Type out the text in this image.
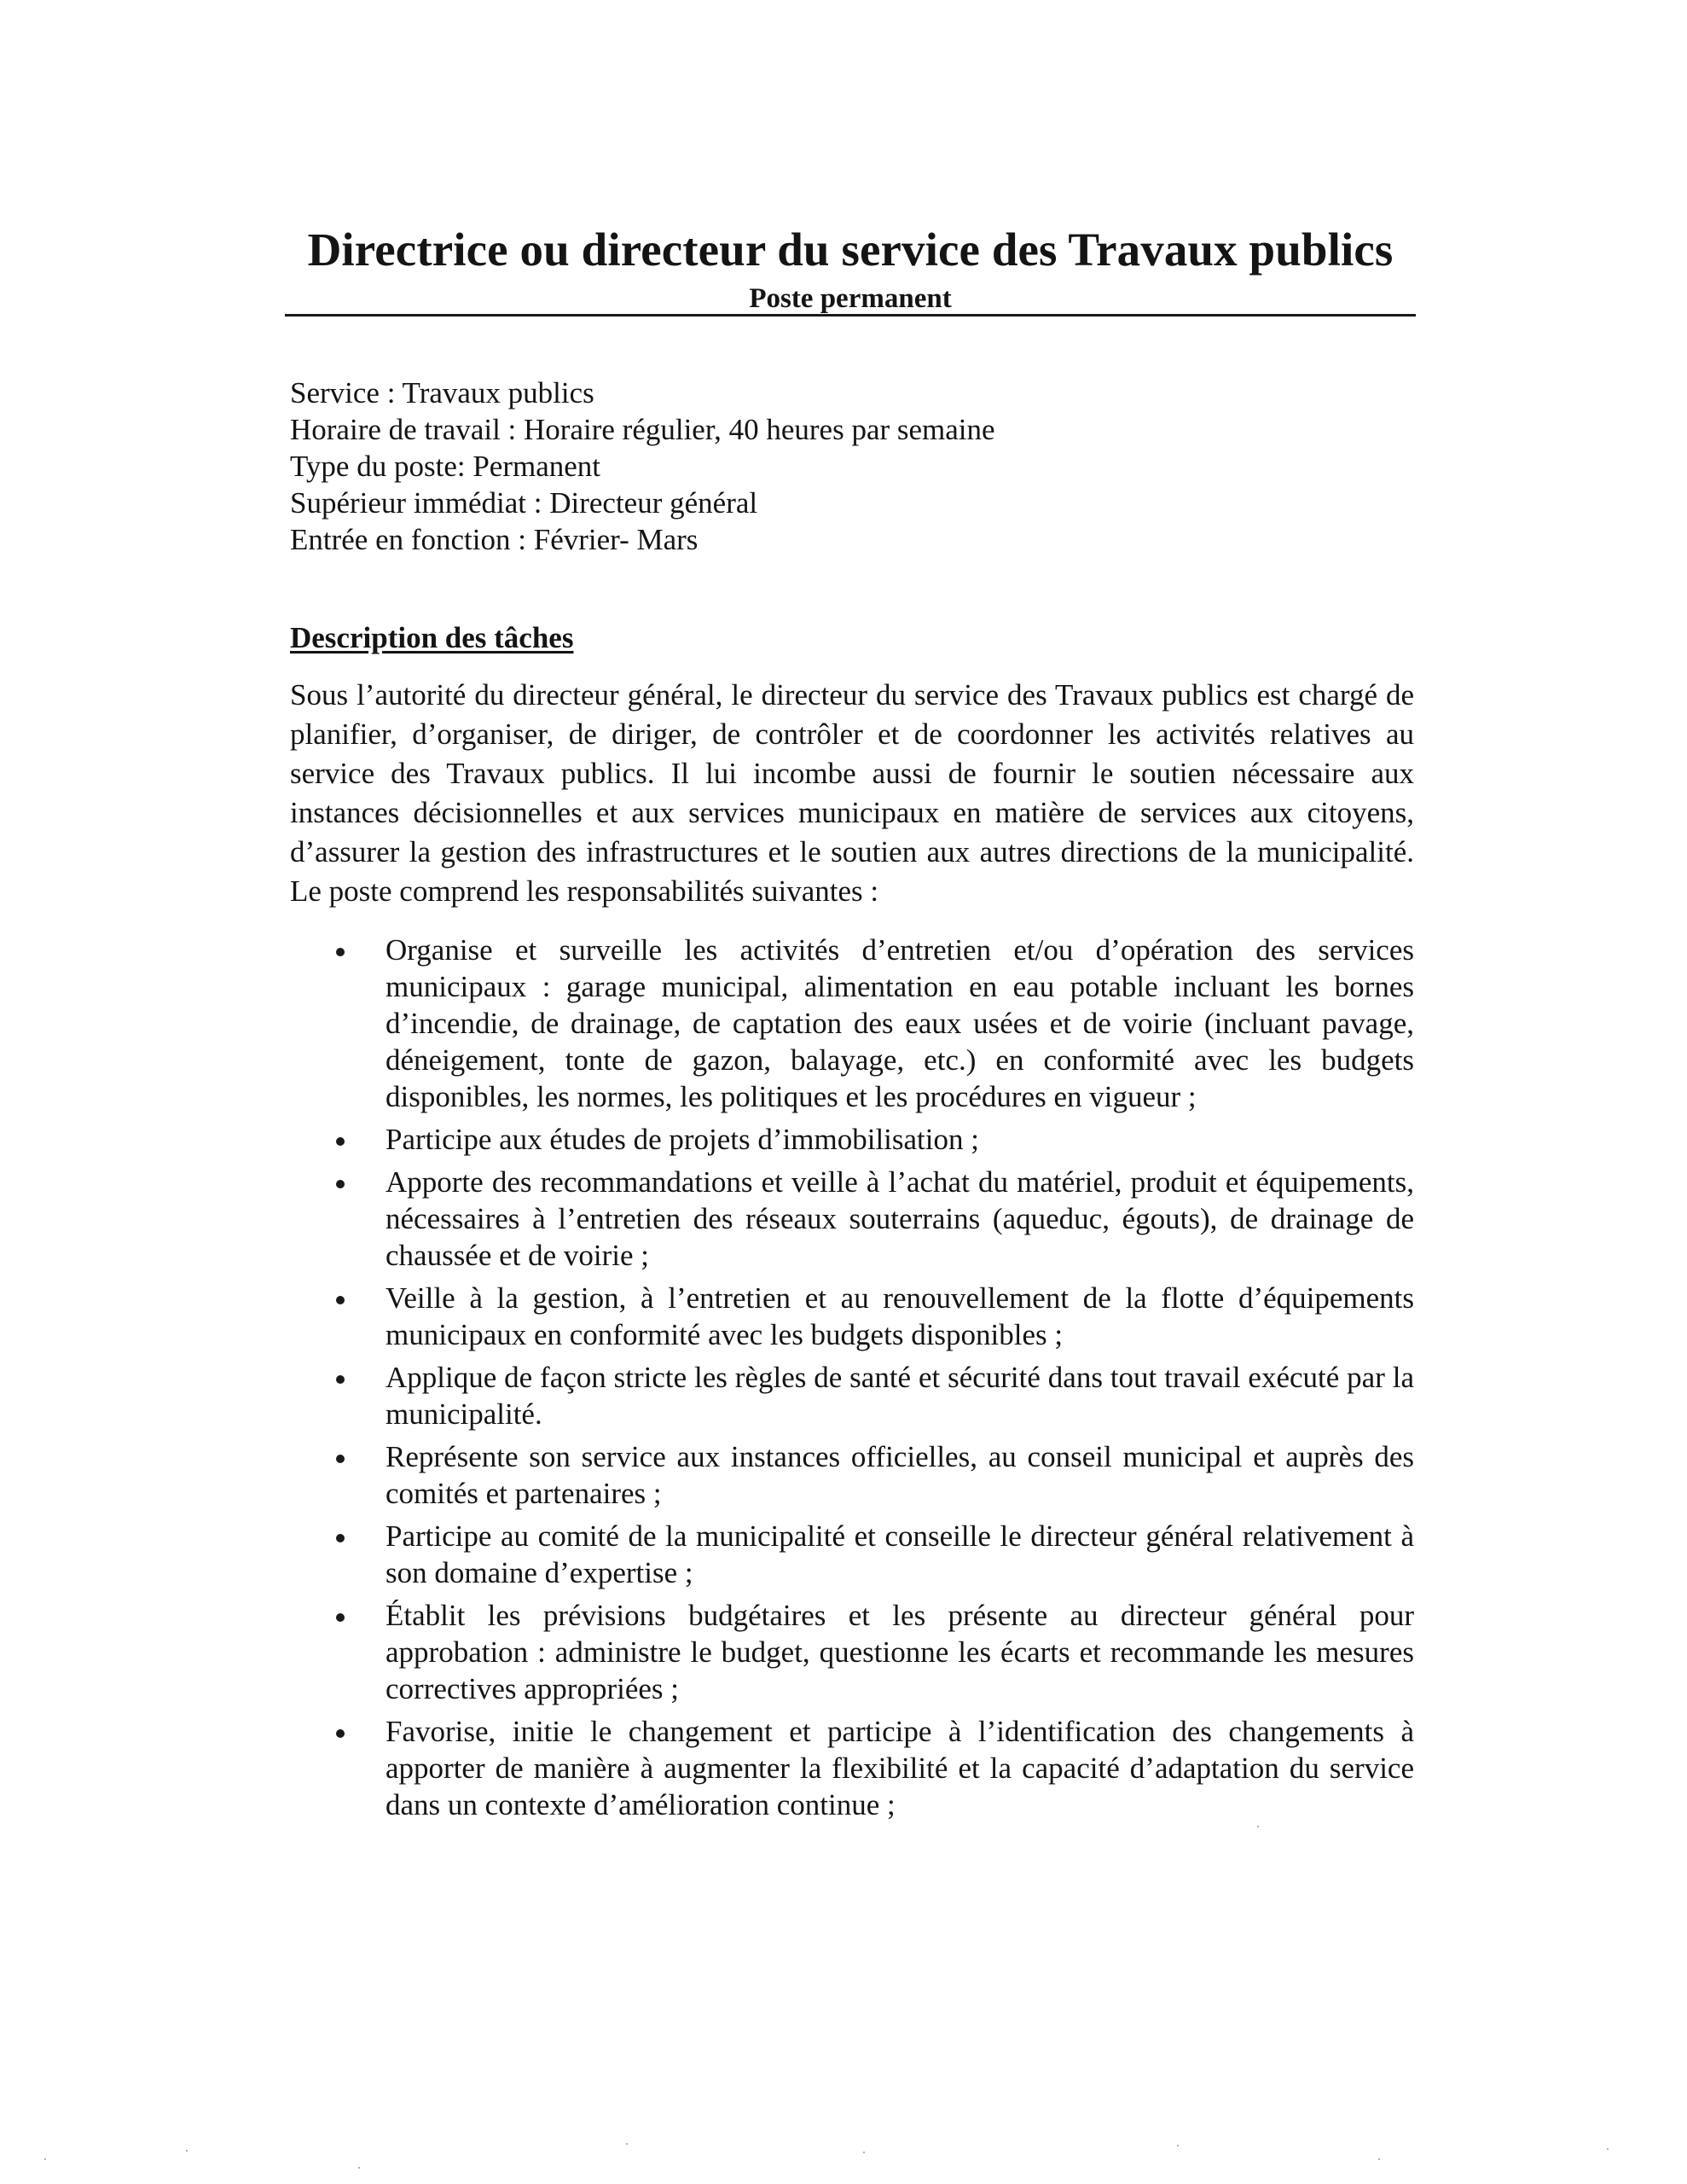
Directrice ou directeur du service des Travaux publics

Poste permanent

Service : Travaux publics
Horaire de travail : Horaire régulier, 40 heures par semaine
Type du poste: Permanent
Supérieur immédiat : Directeur général
Entrée en fonction : Février- Mars
Description des tâches

Sous l’autorité du directeur général, le directeur du service des Travaux publics est chargé de planifier, d’organiser, de diriger, de contrôler et de coordonner les activités relatives au service des Travaux publics. Il lui incombe aussi de fournir le soutien nécessaire aux instances décisionnelles et aux services municipaux en matière de services aux citoyens, d’assurer la gestion des infrastructures et le soutien aux autres directions de la municipalité. Le poste comprend les responsabilités suivantes :

Organise et surveille les activités d’entretien et/ou d’opération des services municipaux : garage municipal, alimentation en eau potable incluant les bornes d’incendie, de drainage, de captation des eaux usées et de voirie (incluant pavage, déneigement, tonte de gazon, balayage, etc.) en conformité avec les budgets disponibles, les normes, les politiques et les procédures en vigueur ;
Participe aux études de projets d’immobilisation ;
Apporte des recommandations et veille à l’achat du matériel, produit et équipements, nécessaires à l’entretien des réseaux souterrains (aqueduc, égouts), de drainage de chaussée et de voirie ;
Veille à la gestion, à l’entretien et au renouvellement de la flotte d’équipements municipaux en conformité avec les budgets disponibles ;
Applique de façon stricte les règles de santé et sécurité dans tout travail exécuté par la municipalité.
Représente son service aux instances officielles, au conseil municipal et auprès des comités et partenaires ;
Participe au comité de la municipalité et conseille le directeur général relativement à son domaine d’expertise ;
Établit les prévisions budgétaires et les présente au directeur général pour approbation : administre le budget, questionne les écarts et recommande les mesures correctives appropriées ;
Favorise, initie le changement et participe à l’identification des changements à apporter de manière à augmenter la flexibilité et la capacité d’adaptation du service dans un contexte d’amélioration continue ;
